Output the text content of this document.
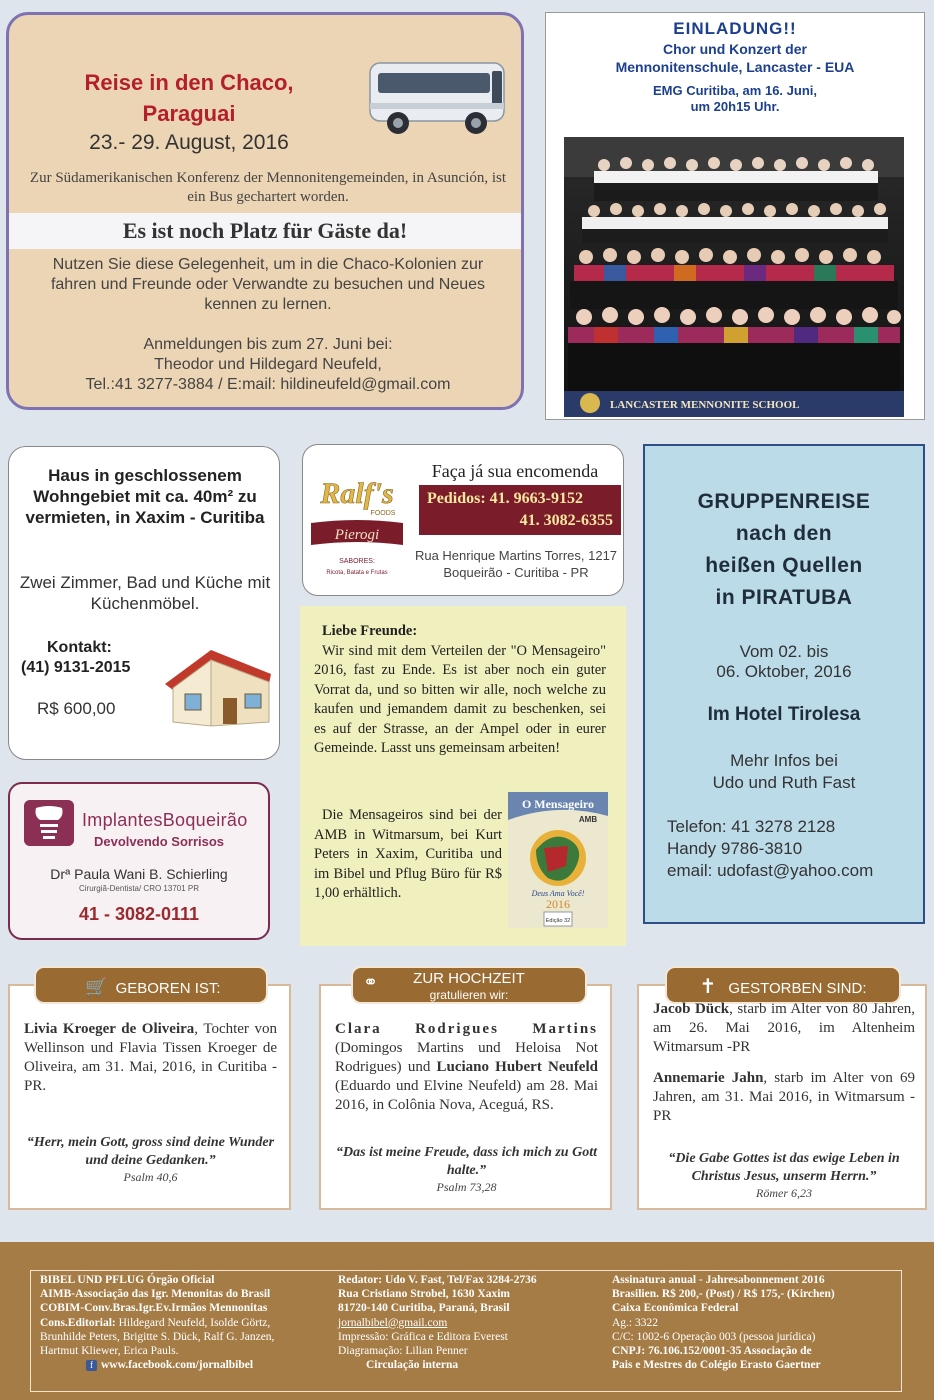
Reise in den Chaco, Paraguai
23.- 29. August, 2016
Zur Südamerikanischen Konferenz der Mennonitengemeinden, in Asunción, ist ein Bus gechartert worden.
Es ist noch Platz für Gäste da!
Nutzen Sie diese Gelegenheit, um in die Chaco-Kolonien zur fahren und Freunde oder Verwandte zu besuchen und Neues kennen zu lernen.
Anmeldungen bis zum 27. Juni bei:
Theodor und Hildegard Neufeld,
Tel.:41 3277-3884 / E:mail: hildineufeld@gmail.com
EINLADUNG!!
Chor und Konzert der
Mennonitenschule, Lancaster - EUA
EMG Curitiba, am 16. Juni,
um 20h15 Uhr.
LANCASTER MENNONITE SCHOOL
Haus in geschlossenem Wohngebiet mit ca. 40m² zu vermieten, in Xaxim - Curitiba
Zwei Zimmer, Bad und Küche mit Küchenmöbel.
Kontakt:
(41) 9131-2015
R$ 600,00
Ralf's
FOODS
Pierogi
SABORES:
Ricota, Batata e Frutas
Faça já sua encomenda
Pedidos: 41. 9663-9152
41. 3082-6355
Rua Henrique Martins Torres, 1217
Boqueirão - Curitiba - PR
Liebe Freunde:
Wir sind mit dem Verteilen der "O Mensageiro" 2016, fast zu Ende. Es ist aber noch ein guter Vorrat da, und so bitten wir alle, noch welche zu kaufen und jemandem damit zu beschenken, sei es auf der Strasse, an der Ampel oder in eurer Gemeinde. Lasst uns gemeinsam arbeiten!
Die Mensageiros sind bei der AMB in Witmarsum, bei Kurt Peters in Xaxim, Curitiba und im Bibel und Pflug Büro für R$ 1,00 erhältlich.
O Mensageiro
AMB
Deus Ama Você!
2016
Edição 32
GRUPPENREISE
nach den
heißen Quellen
in PIRATUBA
Vom 02. bis
06. Oktober, 2016
Im Hotel Tirolesa
Mehr Infos bei
Udo und Ruth Fast
Telefon: 41 3278 2128
Handy 9786-3810
email: udofast@yahoo.com
ImplantesBoqueirão
Devolvendo Sorrisos
Drª Paula Wani B. Schierling
Cirurgiã-Dentista/ CRO 13701 PR
41 - 3082-0111
🛒 GEBOREN IST:
Livia Kroeger de Oliveira, Tochter von Wellinson und Flavia Tissen Kroeger de Oliveira, am 31. Mai, 2016, in Curitiba - PR.
“Herr, mein Gott, gross sind deine Wunder und deine Gedanken.”
Psalm 40,6
⚭	ZUR HOCHZEIT
gratulieren wir:
Clara Rodrigues Martins (Domingos Martins und Heloisa Not Rodrigues) und Luciano Hubert Neufeld (Eduardo und Elvine Neufeld) am 28. Mai 2016, in Colônia Nova, Aceguá, RS.
“Das ist meine Freude, dass ich mich zu Gott halte.”
Psalm 73,28
✝ GESTORBEN SIND:
Jacob Dück, starb im Alter von 80 Jahren, am 26. Mai 2016, im Altenheim Witmarsum -PR
Annemarie Jahn, starb im Alter von 69 Jahren, am 31. Mai 2016, in Witmarsum - PR
“Die Gabe Gottes ist das ewige Leben in Christus Jesus, unserm Herrn.”
Römer 6,23
BIBEL UND PFLUG Órgão Oficial
AIMB-Associação das Igr. Menonitas do Brasil
COBIM-Conv.Bras.Igr.Ev.Irmãos Mennonitas
Cons.Editorial: Hildegard Neufeld, Isolde Görtz,
Brunhilde Peters, Brigitte S. Dück, Ralf G. Janzen,
Hartmut Kliewer, Erica Pauls.
f www.facebook.com/jornalbibel
Redator: Udo V. Fast, Tel/Fax 3284-2736
Rua Cristiano Strobel, 1630 Xaxim
81720-140 Curitiba, Paraná, Brasil
jornalbibel@gmail.com
Impressão: Gráfica e Editora Everest
Diagramação: Lilian Penner
Circulação interna
Assinatura anual - Jahresabonnement 2016
Brasilien. R$ 200,- (Post) / R$ 175,- (Kirchen)
Caixa Econômica Federal
Ag.: 3322
C/C: 1002-6 Operação 003 (pessoa jurídica)
CNPJ: 76.106.152/0001-35 Associação de
Pais e Mestres do Colégio Erasto Gaertner
